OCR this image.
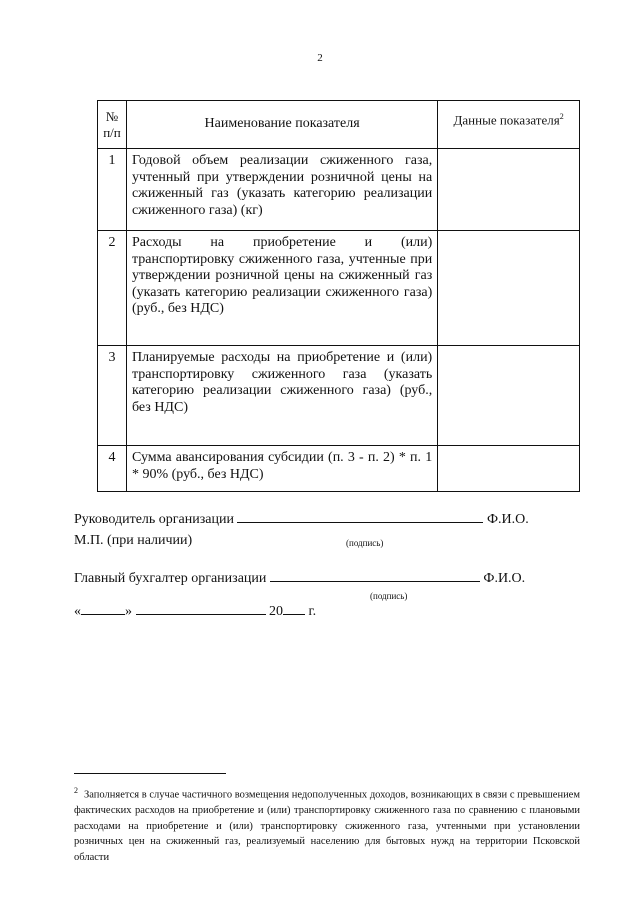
2
№ п/п	Наименование показателя	Данные показателя$^2$
1	Годовой объем реализации сжиженного газа, учтенный при утверждении розничной цены на сжиженный газ (указать категорию реализации сжиженного газа) (кг)	
2	Расходы на приобретение и (или) транспортировку сжиженного газа, учтенные при утверждении розничной цены на сжиженный газ (указать категорию реализации сжиженного газа) (руб., без НДС)	
3	Планируемые расходы на приобретение и (или) транспортировку сжиженного газа (указать категорию реализации сжиженного газа) (руб., без НДС)	
4	Сумма авансирования субсидии (п. 3 - п. 2) * п. 1 * 90% (руб., без НДС)	
Руководитель организации	Ф.И.О.
М.П. (при наличии)	(подпись)
Главный бухгалтер организации	Ф.И.О.
(подпись)
«	»	20 г.
$^2$ Заполняется в случае частичного возмещения недополученных доходов, возникающих в связи с превышением фактических расходов на приобретение и (или) транспортировку сжиженного газа по сравнению с плановыми расходами на приобретение и (или) транспортировку сжиженного газа, учтенными при установлении розничных цен на сжиженный газ, реализуемый населению для бытовых нужд на территории Псковской области
